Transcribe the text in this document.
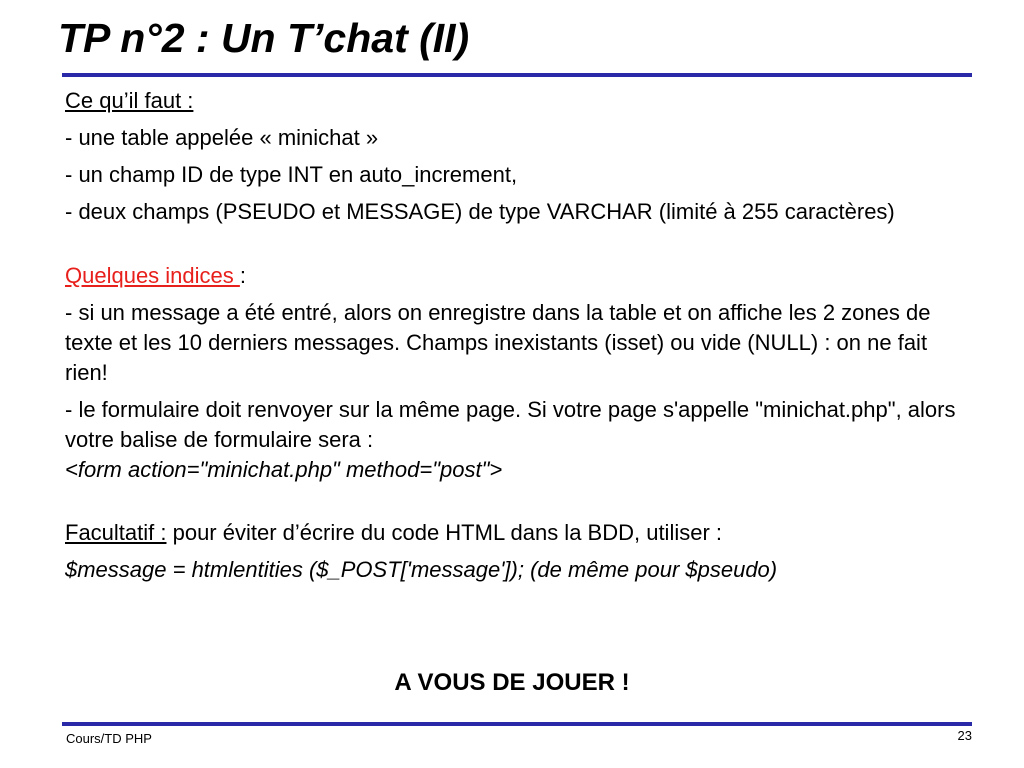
TP n°2 : Un T’chat (II)
Ce qu’il faut :
- une table appelée « minichat »
- un champ ID de type INT en auto_increment,
- deux champs (PSEUDO et MESSAGE) de type VARCHAR (limité à 255 caractères)
Quelques indices :
- si un message a été entré, alors on enregistre dans la table et on affiche les 2 zones de texte et les 10 derniers messages. Champs inexistants (isset) ou vide (NULL) : on ne fait rien!
- le formulaire doit renvoyer sur la même page. Si votre page s'appelle "minichat.php", alors votre balise de formulaire sera :
<form action="minichat.php" method="post">
Facultatif : pour éviter d’écrire du code HTML dans la BDD, utiliser :
$message = htmlentities ($_POST['message']); (de même pour $pseudo)
A VOUS DE JOUER !
Cours/TD PHP	23
